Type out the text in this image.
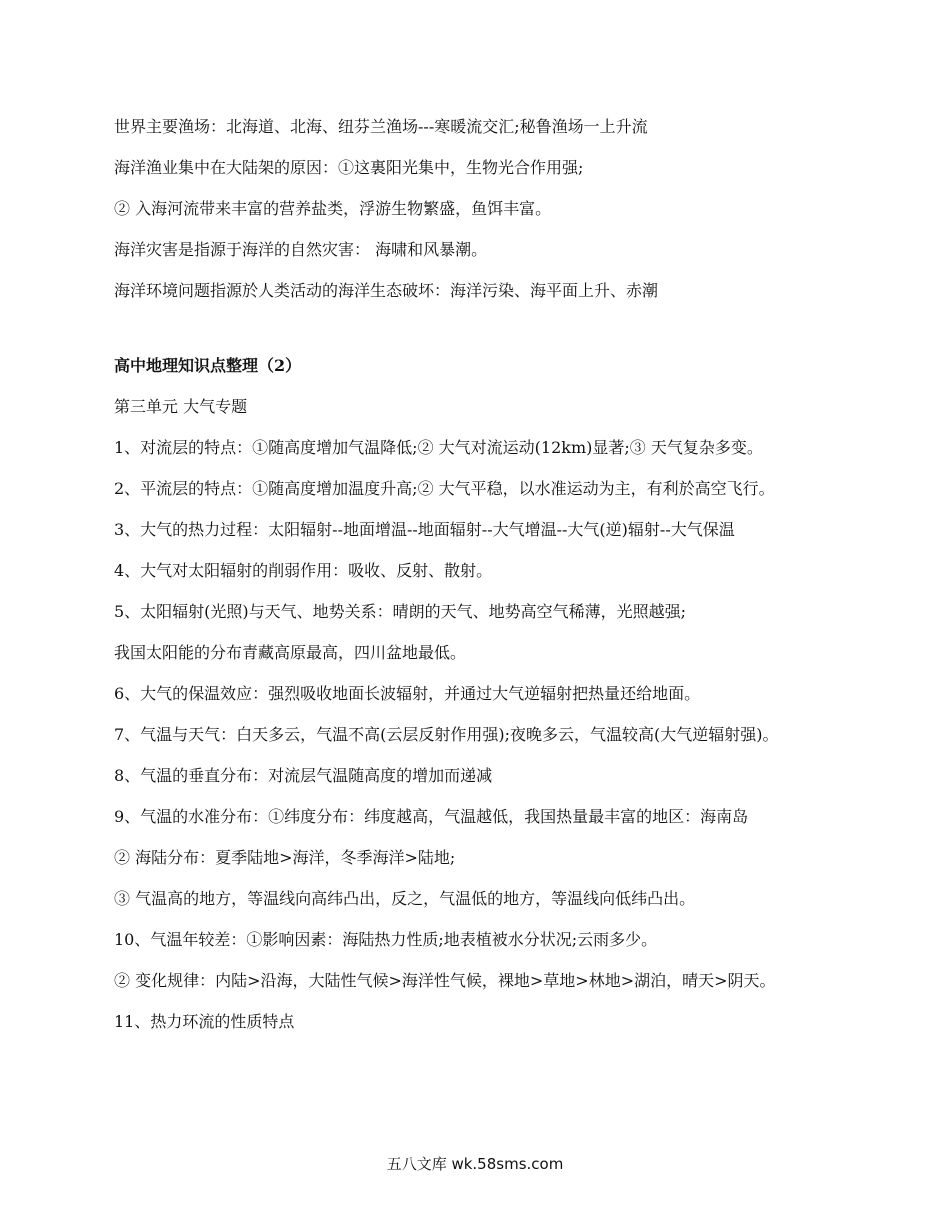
世界主要渔场：北海道、北海、纽芬兰渔场---寒暖流交汇;秘鲁渔场一上升流

海洋渔业集中在大陆架的原因：①这裏阳光集中，生物光合作用强;

② 入海河流带来丰富的营养盐类，浮游生物繁盛，鱼饵丰富。

海洋灾害是指源于海洋的自然灾害： 海啸和风暴潮。

海洋环境问题指源於人类活动的海洋生态破坏：海洋污染、海平面上升、赤潮

高中地理知识点整理（2）

第三单元 大气专题

1、对流层的特点：①随高度增加气温降低;② 大气对流运动(12km)显著;③ 天气复杂多变。

2、平流层的特点：①随高度增加温度升高;② 大气平稳，以水准运动为主，有利於高空飞行。

3、大气的热力过程：太阳辐射--地面增温--地面辐射--大气增温--大气(逆)辐射--大气保温

4、大气对太阳辐射的削弱作用：吸收、反射、散射。

5、太阳辐射(光照)与天气、地势关系：晴朗的天气、地势高空气稀薄，光照越强;

我国太阳能的分布青藏高原最高，四川盆地最低。

6、大气的保温效应：强烈吸收地面长波辐射，并通过大气逆辐射把热量还给地面。

7、气温与天气：白天多云，气温不高(云层反射作用强);夜晚多云，气温较高(大气逆辐射强)。

8、气温的垂直分布：对流层气温随高度的增加而递减

9、气温的水准分布：①纬度分布：纬度越高，气温越低，我国热量最丰富的地区：海南岛

② 海陆分布：夏季陆地>海洋，冬季海洋>陆地;

③ 气温高的地方，等温线向高纬凸出，反之，气温低的地方，等温线向低纬凸出。

10、气温年较差：①影响因素：海陆热力性质;地表植被水分状况;云雨多少。

② 变化规律：内陆>沿海，大陆性气候>海洋性气候，裸地>草地>林地>湖泊，晴天>阴天。

11、热力环流的性质特点

五八文库 wk.58sms.com
